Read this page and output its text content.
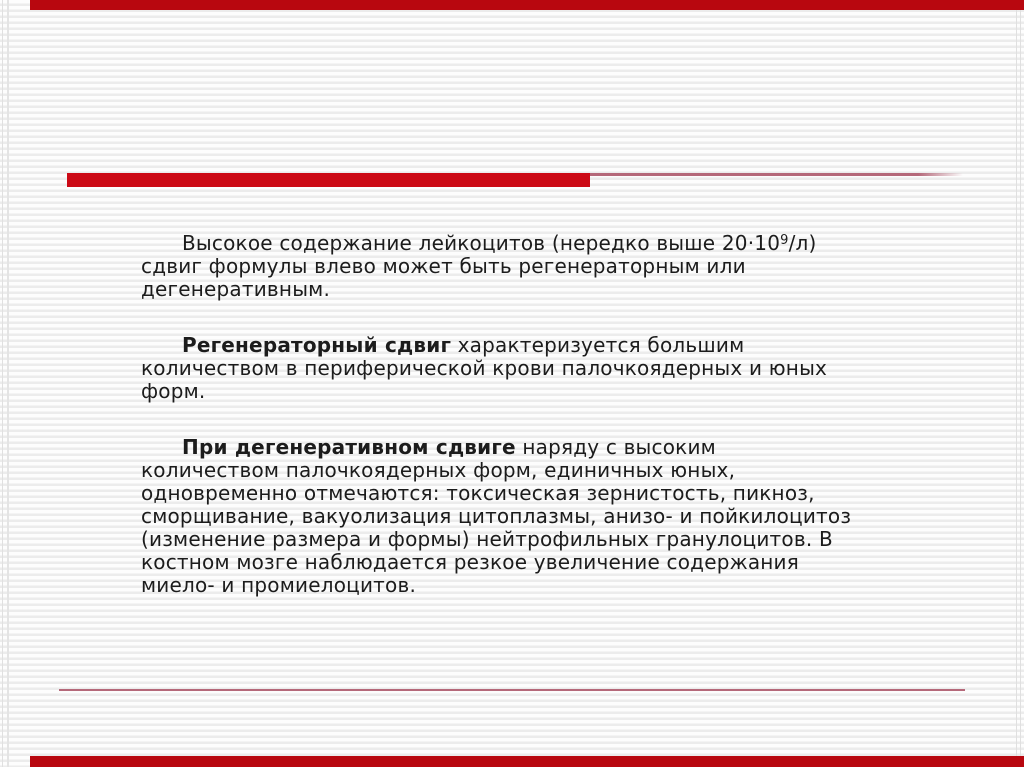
Высокое содержание лейкоцитов (нередко выше $20\cdot 10^9/л$)
сдвиг формулы влево может быть регенераторным или
дегенеративным.
Регенераторный сдвиг характеризуется большим
количеством в периферической крови палочкоядерных и юных
форм.
При дегенеративном сдвиге наряду с высоким
количеством палочкоядерных форм, единичных юных,
одновременно отмечаются: токсическая зернистость, пикноз,
сморщивание, вакуолизация цитоплазмы, анизо- и пойкилоцитоз
(изменение размера и формы) нейтрофильных гранулоцитов. В
костном мозге наблюдается резкое увеличение содержания
миело- и промиелоцитов.
